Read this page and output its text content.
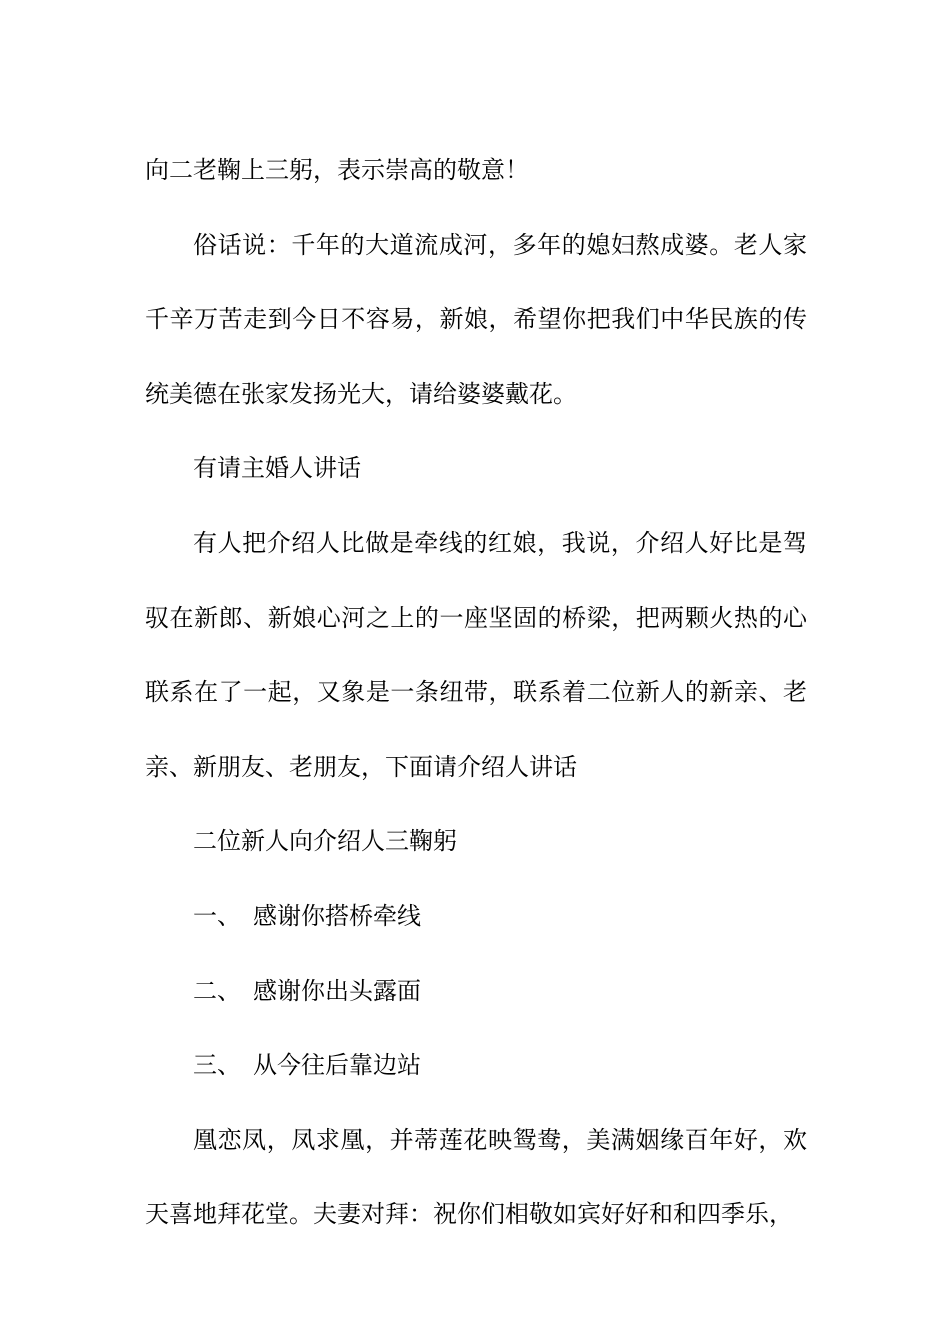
向二老鞠上三躬，表示崇高的敬意！

俗话说：千年的大道流成河，多年的媳妇熬成婆。老人家千辛万苦走到今日不容易，新娘，希望你把我们中华民族的传统美德在张家发扬光大，请给婆婆戴花。

有请主婚人讲话

有人把介绍人比做是牵线的红娘，我说，介绍人好比是驾驭在新郎、新娘心河之上的一座坚固的桥梁，把两颗火热的心联系在了一起，又象是一条纽带，联系着二位新人的新亲、老亲、新朋友、老朋友，下面请介绍人讲话

二位新人向介绍人三鞠躬

一、 感谢你搭桥牵线
二、 感谢你出头露面
三、 从今往后靠边站

凰恋凤，凤求凰，并蒂莲花映鸳鸯，美满姻缘百年好，欢天喜地拜花堂。夫妻对拜：祝你们相敬如宾好好和和四季乐，
